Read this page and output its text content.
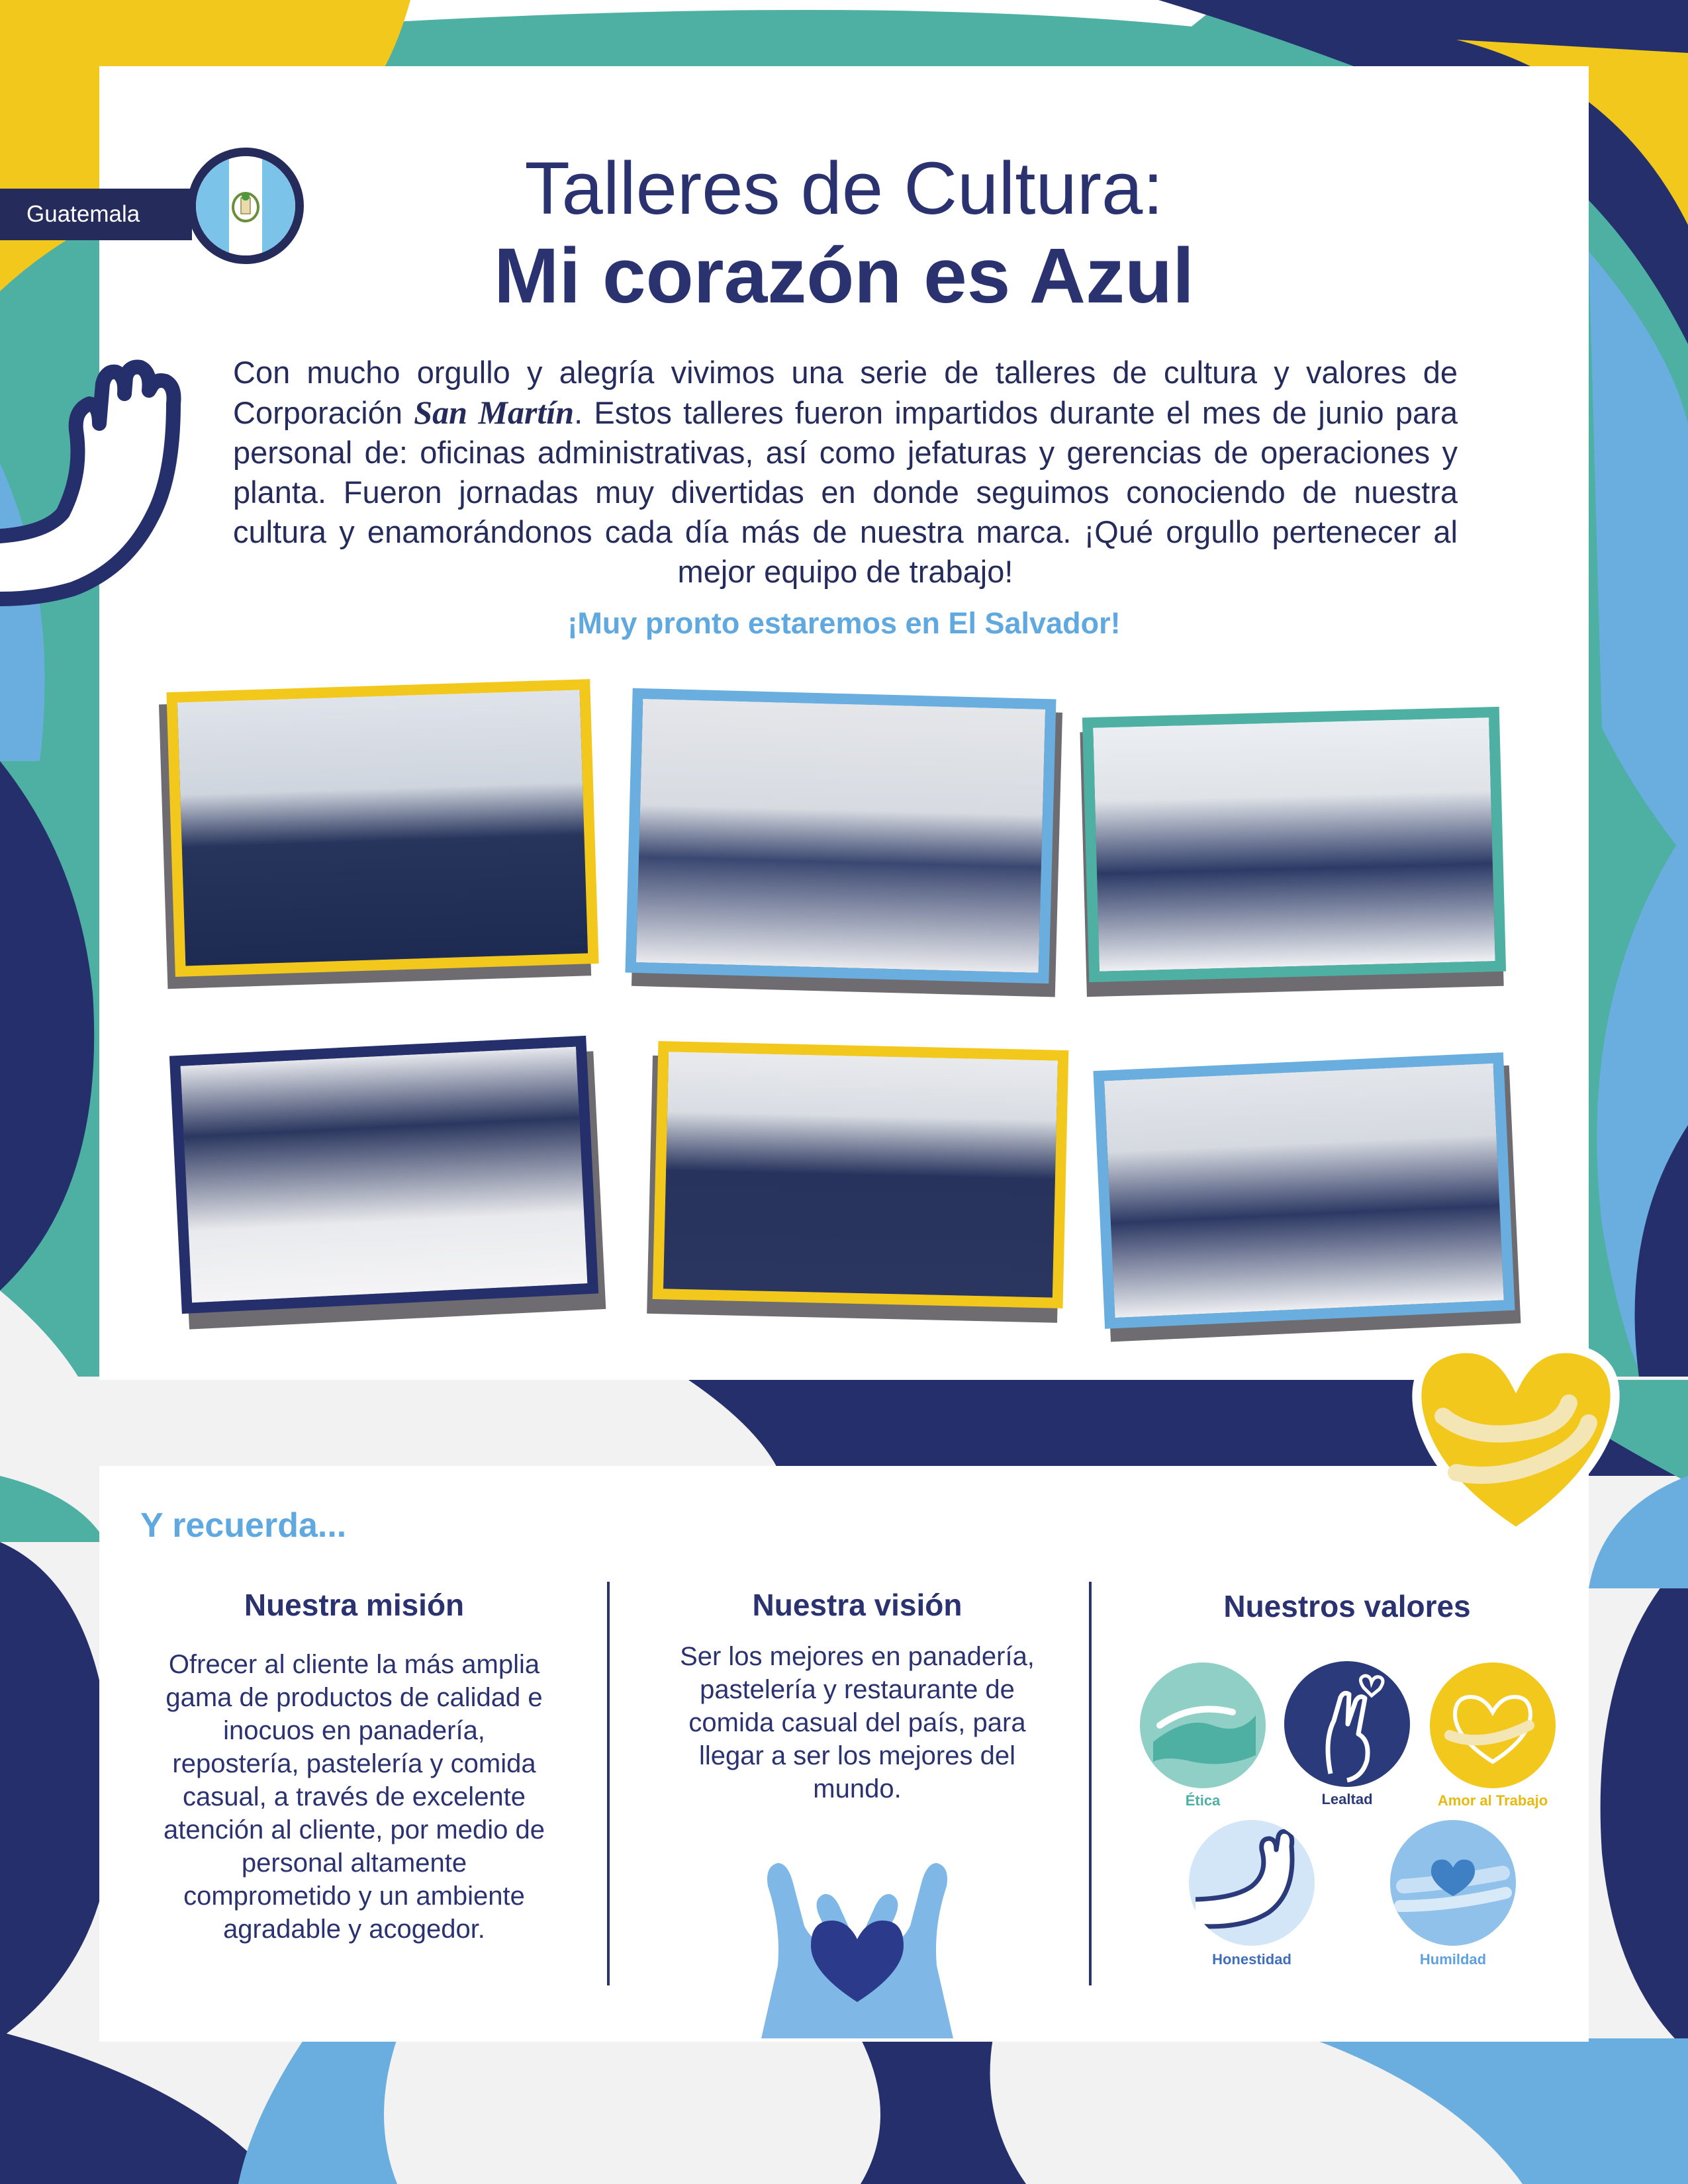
Guatemala	Talleres de Cultura:
Mi corazón es Azul
Con mucho orgullo y alegría vivimos una serie de talleres de cultura y valores de Corporación San Martín. Estos talleres fueron impartidos durante el mes de junio para personal de: oficinas administrativas, así como jefaturas y gerencias de operaciones y planta. Fueron jornadas muy divertidas en donde seguimos conociendo de nuestra cultura y enamorándonos cada día más de nuestra marca. ¡Qué orgullo pertenecer al mejor equipo de trabajo!
¡Muy pronto estaremos en El Salvador!
Y recuerda...
Nuestra misión
Ofrecer al cliente la más amplia gama de productos de calidad e inocuos en panadería, repostería, pastelería y comida casual, a través de excelente atención al cliente, por medio de personal altamente comprometido y un ambiente agradable y acogedor.
Nuestra visión
Ser los mejores en panadería, pastelería y restaurante de comida casual del país, para llegar a ser los mejores del mundo.
Nuestros valores
Ética	Lealtad	Amor al Trabajo
Honestidad	Humildad
